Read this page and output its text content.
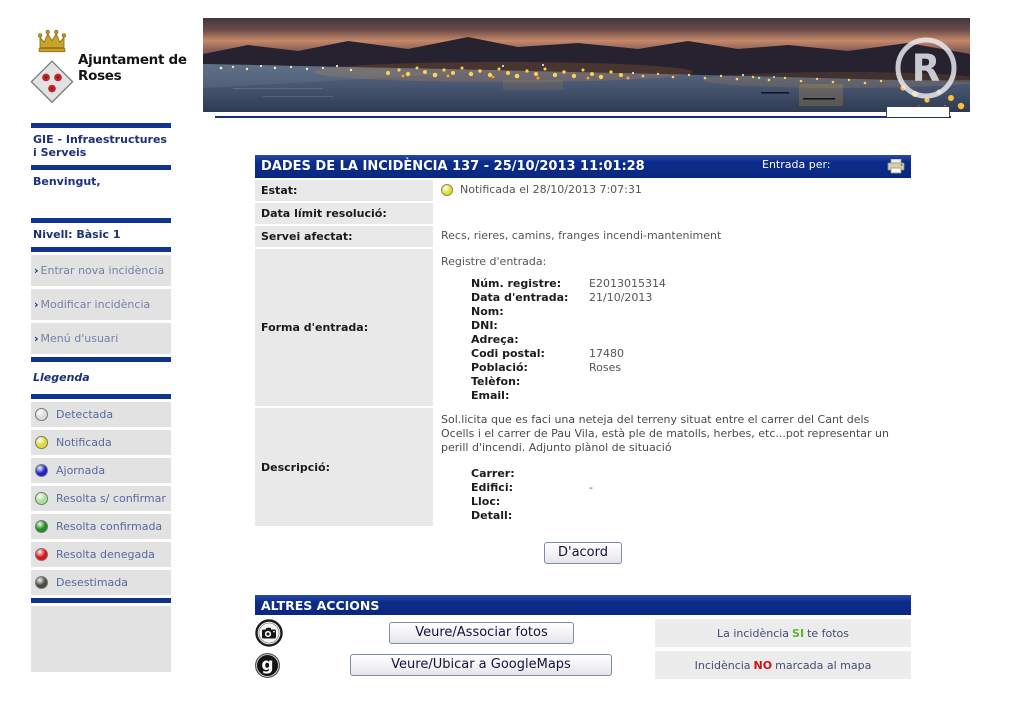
Ajuntament de Roses	R
GIE - Infraestructures i Serveis
Benvingut,
Nivell: Bàsic 1
› Entrar nova incidència
› Modificar incidència
› Menú d'usuari
Llegenda
Detectada
Notificada
Ajornada
Resolta s/ confirmar
Resolta confirmada
Resolta denegada
Desestimada
DADES DE LA INCIDÈNCIA 137 - 25/10/2013 11:01:28	Entrada per:
Estat:	Notificada el 28/10/2013 7:07:31
Data límit resolució:
Servei afectat:	Recs, rieres, camins, franges incendi-manteniment
Forma d'entrada:
Registre d'entrada:
Núm. registre:	E2013015314
Data d'entrada:	21/10/2013
Nom:
DNI:
Adreça:
Codi postal:	17480
Població:	Roses
Telèfon:
Email:
Descripció:
Sol.licita que es faci una neteja del terreny situat entre el carrer del Cant dels Ocells i el carrer de Pau Vila, està ple de matolls, herbes, etc...pot representar un perill d'incendi. Adjunto plànol de situació
Carrer:
Edifici:	-
Lloc:
Detall:
D'acord
ALTRES ACCIONS
Veure/Associar fotos	La incidència SI te fotos
g	Veure/Ubicar a GoogleMaps	Incidència NO marcada al mapa
